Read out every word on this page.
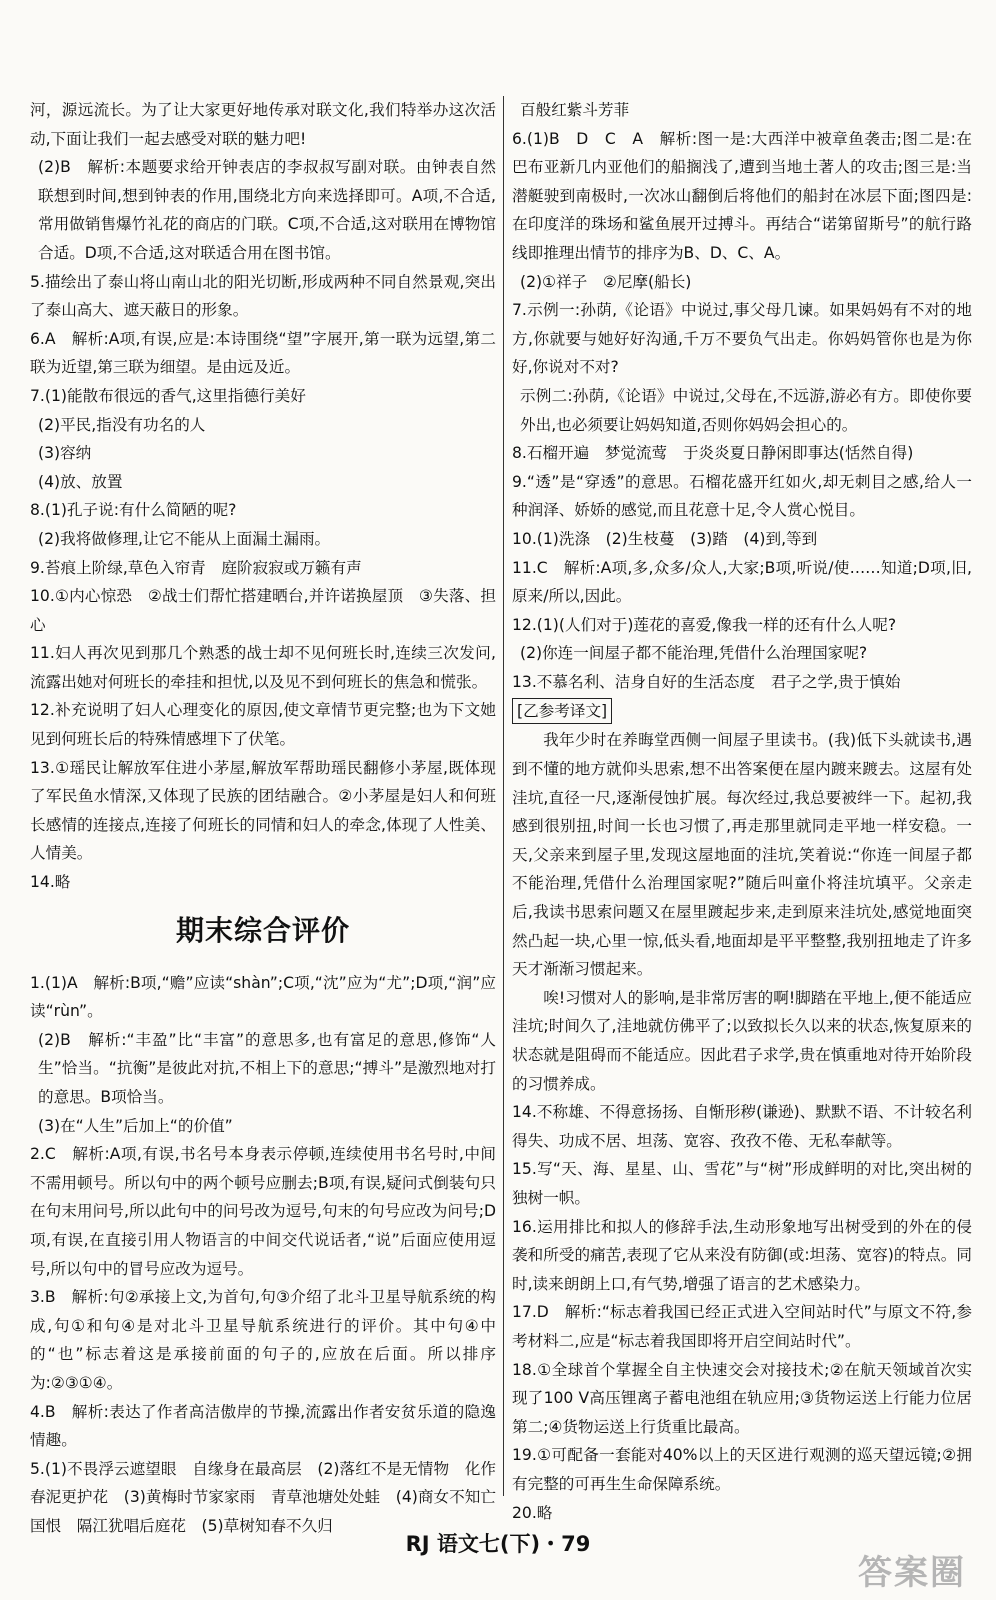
河，源远流长。为了让大家更好地传承对联文化,我们特举办这次活动,下面让我们一起去感受对联的魅力吧!
(2)B　解析:本题要求给开钟表店的李叔叔写副对联。由钟表自然联想到时间,想到钟表的作用,围绕北方向来选择即可。A项,不合适,常用做销售爆竹礼花的商店的门联。C项,不合适,这对联用在博物馆合适。D项,不合适,这对联适合用在图书馆。
5.描绘出了泰山将山南山北的阳光切断,形成两种不同自然景观,突出了泰山高大、遮天蔽日的形象。
6.A　解析:A项,有误,应是:本诗围绕“望”字展开,第一联为远望,第二联为近望,第三联为细望。是由远及近。
7.(1)能散布很远的香气,这里指德行美好
(2)平民,指没有功名的人
(3)容纳
(4)放、放置
8.(1)孔子说:有什么简陋的呢?
(2)我将做修理,让它不能从上面漏土漏雨。
9.苔痕上阶绿,草色入帘青　庭阶寂寂或万籁有声
10.①内心惊恐　②战士们帮忙搭建晒台,并许诺换屋顶　③失落、担心
11.妇人再次见到那几个熟悉的战士却不见何班长时,连续三次发问,流露出她对何班长的牵挂和担忧,以及见不到何班长的焦急和慌张。
12.补充说明了妇人心理变化的原因,使文章情节更完整;也为下文她见到何班长后的特殊情感埋下了伏笔。
13.①瑶民让解放军住进小茅屋,解放军帮助瑶民翻修小茅屋,既体现了军民鱼水情深,又体现了民族的团结融合。②小茅屋是妇人和何班长感情的连接点,连接了何班长的同情和妇人的牵念,体现了人性美、人情美。
14.略
期末综合评价
1.(1)A　解析:B项,“赡”应读“shàn”;C项,“沈”应为“尤”;D项,“润”应读“rùn”。
(2)B　解析:“丰盈”比“丰富”的意思多,也有富足的意思,修饰“人生”恰当。“抗衡”是彼此对抗,不相上下的意思;“搏斗”是激烈地对打的意思。B项恰当。
(3)在“人生”后加上“的价值”
2.C　解析:A项,有误,书名号本身表示停顿,连续使用书名号时,中间不需用顿号。所以句中的两个顿号应删去;B项,有误,疑问式倒装句只在句末用问号,所以此句中的问号改为逗号,句末的句号应改为问号;D项,有误,在直接引用人物语言的中间交代说话者,“说”后面应使用逗号,所以句中的冒号应改为逗号。
3.B　解析:句②承接上文,为首句,句③介绍了北斗卫星导航系统的构成,句①和句④是对北斗卫星导航系统进行的评价。其中句④中的“也”标志着这是承接前面的句子的,应放在后面。所以排序为:②③①④。
4.B　解析:表达了作者高洁傲岸的节操,流露出作者安贫乐道的隐逸情趣。
5.(1)不畏浮云遮望眼　自缘身在最高层　(2)落红不是无情物　化作春泥更护花　(3)黄梅时节家家雨　青草池塘处处蛙　(4)商女不知亡国恨　隔江犹唱后庭花　(5)草树知春不久归
百般红紫斗芳菲
6.(1)B　D　C　A　解析:图一是:大西洋中被章鱼袭击;图二是:在巴布亚新几内亚他们的船搁浅了,遭到当地土著人的攻击;图三是:当潜艇驶到南极时,一次冰山翻倒后将他们的船封在冰层下面;图四是:在印度洋的珠场和鲨鱼展开过搏斗。再结合“诺第留斯号”的航行路线即推理出情节的排序为B、D、C、A。
(2)①祥子　②尼摩(船长)
7.示例一:孙荫,《论语》中说过,事父母几谏。如果妈妈有不对的地方,你就要与她好好沟通,千万不要负气出走。你妈妈管你也是为你好,你说对不对?
示例二:孙荫,《论语》中说过,父母在,不远游,游必有方。即使你要外出,也必须要让妈妈知道,否则你妈妈会担心的。
8.石榴开遍　梦觉流莺　于炎炎夏日静闲即事达(恬然自得)
9.“透”是“穿透”的意思。石榴花盛开红如火,却无刺目之感,给人一种润泽、娇娇的感觉,而且花意十足,令人赏心悦目。
10.(1)洗涤　(2)生枝蔓　(3)踏　(4)到,等到
11.C　解析:A项,多,众多/众人,大家;B项,听说/使……知道;D项,旧,原来/所以,因此。
12.(1)(人们对于)莲花的喜爱,像我一样的还有什么人呢?
(2)你连一间屋子都不能治理,凭借什么治理国家呢?
13.不慕名利、洁身自好的生活态度　君子之学,贵于慎始
[乙参考译文]
我年少时在养晦堂西侧一间屋子里读书。(我)低下头就读书,遇到不懂的地方就仰头思索,想不出答案便在屋内踱来踱去。这屋有处洼坑,直径一尺,逐渐侵蚀扩展。每次经过,我总要被绊一下。起初,我感到很别扭,时间一长也习惯了,再走那里就同走平地一样安稳。一天,父亲来到屋子里,发现这屋地面的洼坑,笑着说:“你连一间屋子都不能治理,凭借什么治理国家呢?”随后叫童仆将洼坑填平。父亲走后,我读书思索问题又在屋里踱起步来,走到原来洼坑处,感觉地面突然凸起一块,心里一惊,低头看,地面却是平平整整,我别扭地走了许多天才渐渐习惯起来。
唉!习惯对人的影响,是非常厉害的啊!脚踏在平地上,便不能适应洼坑;时间久了,洼地就仿佛平了;以致拟长久以来的状态,恢复原来的状态就是阻碍而不能适应。因此君子求学,贵在慎重地对待开始阶段的习惯养成。
14.不称雄、不得意扬扬、自惭形秽(谦逊)、默默不语、不计较名利得失、功成不居、坦荡、宽容、孜孜不倦、无私奉献等。
15.写“天、海、星星、山、雪花”与“树”形成鲜明的对比,突出树的独树一帜。
16.运用排比和拟人的修辞手法,生动形象地写出树受到的外在的侵袭和所受的痛苦,表现了它从来没有防御(或:坦荡、宽容)的特点。同时,读来朗朗上口,有气势,增强了语言的艺术感染力。
17.D　解析:“标志着我国已经正式进入空间站时代”与原文不符,参考材料二,应是“标志着我国即将开启空间站时代”。
18.①全球首个掌握全自主快速交会对接技术;②在航天领域首次实现了100 V高压锂离子蓄电池组在轨应用;③货物运送上行能力位居第二;④货物运送上行货重比最高。
19.①可配备一套能对40%以上的天区进行观测的巡天望远镜;②拥有完整的可再生生命保障系统。
20.略
RJ 语文七(下)・79
答案圈
